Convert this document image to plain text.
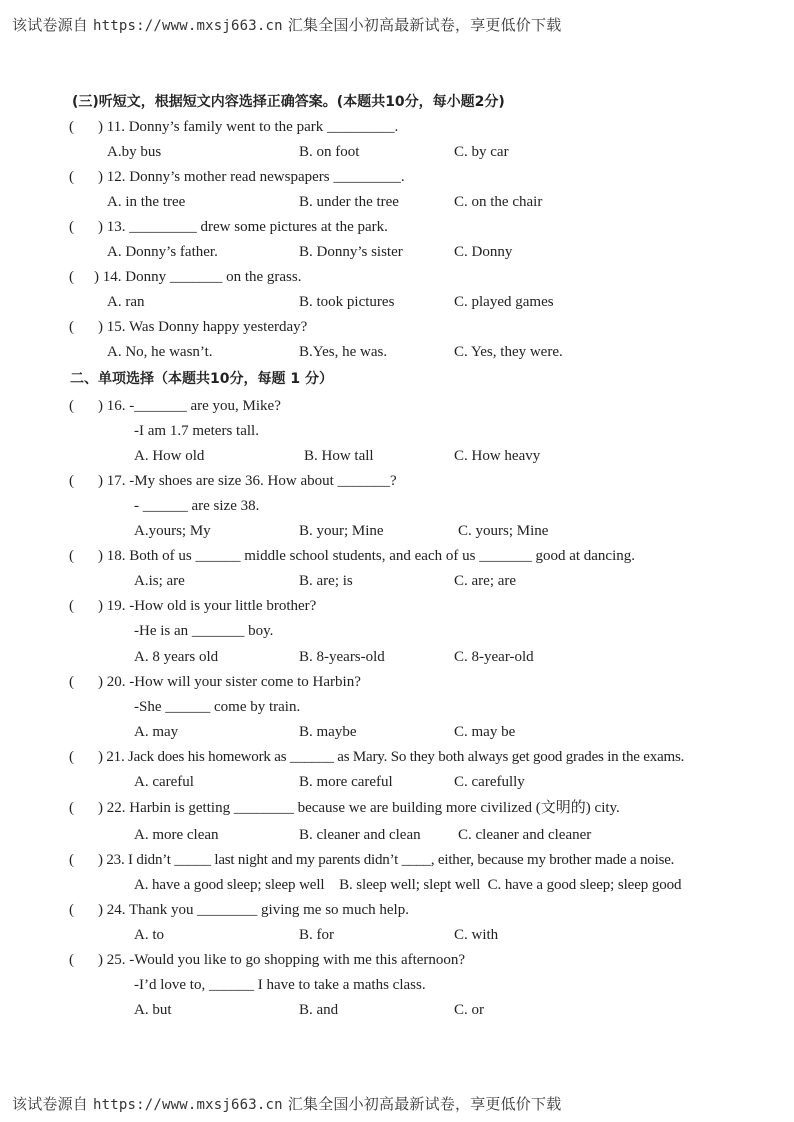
该试卷源自 https://www.mxsj663.cn 汇集全国小初高最新试卷，享更低价下载
(三)听短文，根据短文内容选择正确答案。(本题共10分，每小题2分)
( ) 11. Donny’s family went to the park _________.
A.by bus	B. on foot	C. by car
( ) 12. Donny’s mother read newspapers _________.
A. in the tree	B. under the tree	C. on the chair
( ) 13. _________ drew some pictures at the park.
A. Donny’s father.	B. Donny’s sister	C. Donny
( ) 14. Donny _______ on the grass.
A. ran	B. took pictures	C. played games
( ) 15. Was Donny happy yesterday?
A. No, he wasn’t.	B.Yes, he was.	C. Yes, they were.
二、单项选择（本题共10分，每题 1 分）
( ) 16. -_______ are you, Mike?
-I am 1.7 meters tall.
A. How old	B. How tall	C. How heavy
( ) 17. -My shoes are size 36. How about _______?
- ______ are size 38.
A.yours; My	B. your; Mine	C. yours; Mine
( ) 18. Both of us ______ middle school students, and each of us _______ good at dancing.
A.is; are	B. are; is	C. are; are
( ) 19. -How old is your little brother?
-He is an _______ boy.
A. 8 years old	B. 8-years-old	C. 8-year-old
( ) 20. -How will your sister come to Harbin?
-She ______ come by train.
A. may	B. maybe	C. may be
( ) 21. Jack does his homework as ______ as Mary. So they both always get good grades in the exams.
A. careful	B. more careful	C. carefully
( ) 22. Harbin is getting ________ because we are building more civilized (文明的) city.
A. more clean	B. cleaner and clean C. cleaner and cleaner
( ) 23. I didn’t _____ last night and my parents didn’t ____, either, because my brother made a noise.
A. have a good sleep; sleep well    B. sleep well; slept well  C. have a good sleep; sleep good
( ) 24. Thank you ________ giving me so much help.
A. to	B. for	C. with
( ) 25. -Would you like to go shopping with me this afternoon?
-I’d love to, ______ I have to take a maths class.
A. but	B. and	C. or
该试卷源自 https://www.mxsj663.cn 汇集全国小初高最新试卷，享更低价下载
